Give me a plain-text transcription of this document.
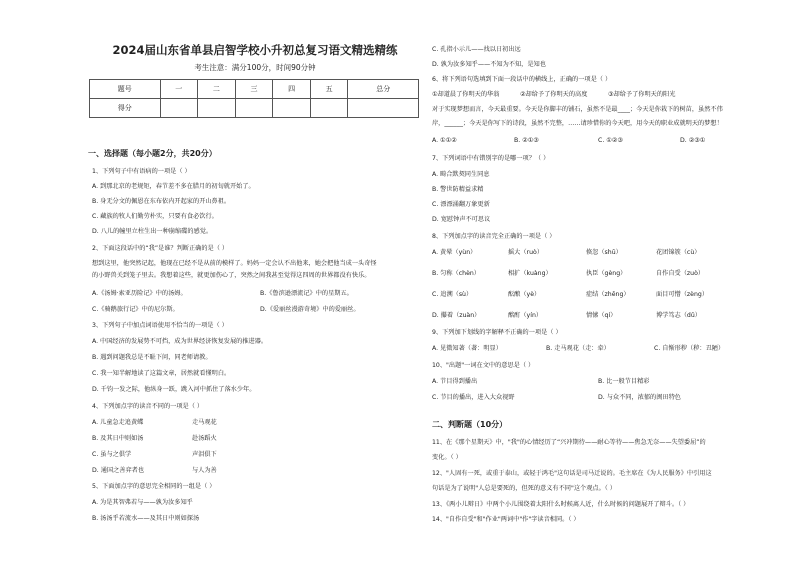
2024届山东省单县启智学校小升初总复习语文精选精练
考生注意：满分100分，时间90分钟
题号	一	二	三	四	五	总分
得分						
一、选择题（每小题2分，共20分）
二、判断题（10分）
1、下列句子中有语病的一项是（ ）
A. 到那北京的老规矩，春节差不多在腊月的初旬就开始了。
B. 身无分文的佩恩在东布依内开起家的开山鼻祖。
C. 藏族的牧人们勤劳朴实，只要有食必饮行。
D. 八儿的幢里立柱生出一种崩缩碟的感觉。
2、下面这段话中的“我”是谁？判断正确的是（ ）
想到这里，他突然记起，他现在已经不是从前的模样了。妈妈一定会认不出他来，她会把他当成一头奇怪
的小野兽关到笼子里去。我想着这些，就更加伤心了，突然之间我甚至觉得这四周的世界都没有快乐。
A.《汤姆·索亚历险记》中的汤姆。	B.《鲁滨逊漂流记》中的星期五。
C.《骑鹅旅行记》中的尼尔斯。	D.《爱丽丝漫游奇境》中的爱丽丝。
3、下列句子中加点词语使用不恰当的一项是（ ）
A. 中国经济的发展势不可挡，成为世界经济恢复发展的推进器。
B. 遇到问题我总是不耻下问，同老师请教。
C. 我一知半解地读了这篇文章，居然就看懂明白。
D. 千钧一发之际，他纵身一跃，跳入河中抓住了落水少年。
4、下列加点字的读音不同的一项是（ ）
A. 儿童急走追黄蝶	走马观花
B. 及其日中则如汤	赴汤蹈火
C. 虽与之俱学	声泪俱下
D. 通国之善弈者也	与人为善
5、下面加点字的意思完全相同的一组是（ ）
A. 为是其智弗若与——孰为汝多知乎
B. 汤汤乎若流水——及其日中则如探汤
C. 孔指小示儿——找以日初出远
D. 孰为汝多知乎——不知为不知，是知也
6、将下列语句选填到下面一段话中的横线上，正确的一项是（ ）
①却道晨了你明天的华翁	②却给予了你明天的高度	③却给予了你明天的阳光
对于实现梦想而言，今天最重要。今天是你脚丰的铺石，虽然不是最____；今天是你栽下的树苗，虽然不伟
岸，______；今天是你写下的诗段，虽然不完整，……请珍惜你的今天吧，用今天的职业成就明天的梦想！
A. ①①②	B. ②①③	C. ①②③	D. ②③①
7、下列词语中有错别字的是哪一项？（ ）
A. 畸合默契同生同息
B. 警世防精益求精
C. 漂漂涌翻万象更新
D. 宽慰钟声不可思议
8、下列加点字的读音完全正确的一项是（ ）
A. 黄晕（yùn）	摇大（ruò）	倏忽（shū）	花团锦簇（cù）
B. 匀称（chèn）	相扩（kuàng）	执臣（gèng）	自作自受（zuò）
C. 追溯（sù）	酝酿（yè）	症结（zhēng）	面目可憎（zèng）
D. 攥着（zuàn）	酩酊（yín）	情愫（qí）	博学笃志（dǔ）
9、下列加下划线的字解释不正确的一项是（ ）
A. 见微知著（著：明显）	B. 走马观花（走：牵）	C. 自惭形秽（秽：丑陋）
10、"出题"一词在文中的意思是（ ）
A. 节目得到播出	B. 比一般节目精彩
C. 节目的播出，进入大众视野	D. 与众不同，浓郁的闽田特色
11、在《那个星期天》中，"我"的心情经历了“兴冲期待——耐心等待——焦急无奈——失望委屈”的
变化。（ ）
12、"人固有一死，或重于泰山，或轻于鸿毛"这句话是司马迁说的。毛主席在《为人民服务》中引用这
句话是为了说明"人总是要死的，但死的意义有不同"这个观点。（ ）
13、《两小儿辩日》中两个小儿围绕着太阳什么时候离人近，什么时候的问题展开了辩斗。（ ）
14、"自作自受"和"作业"两词中"作"字读音相同。（ ）
